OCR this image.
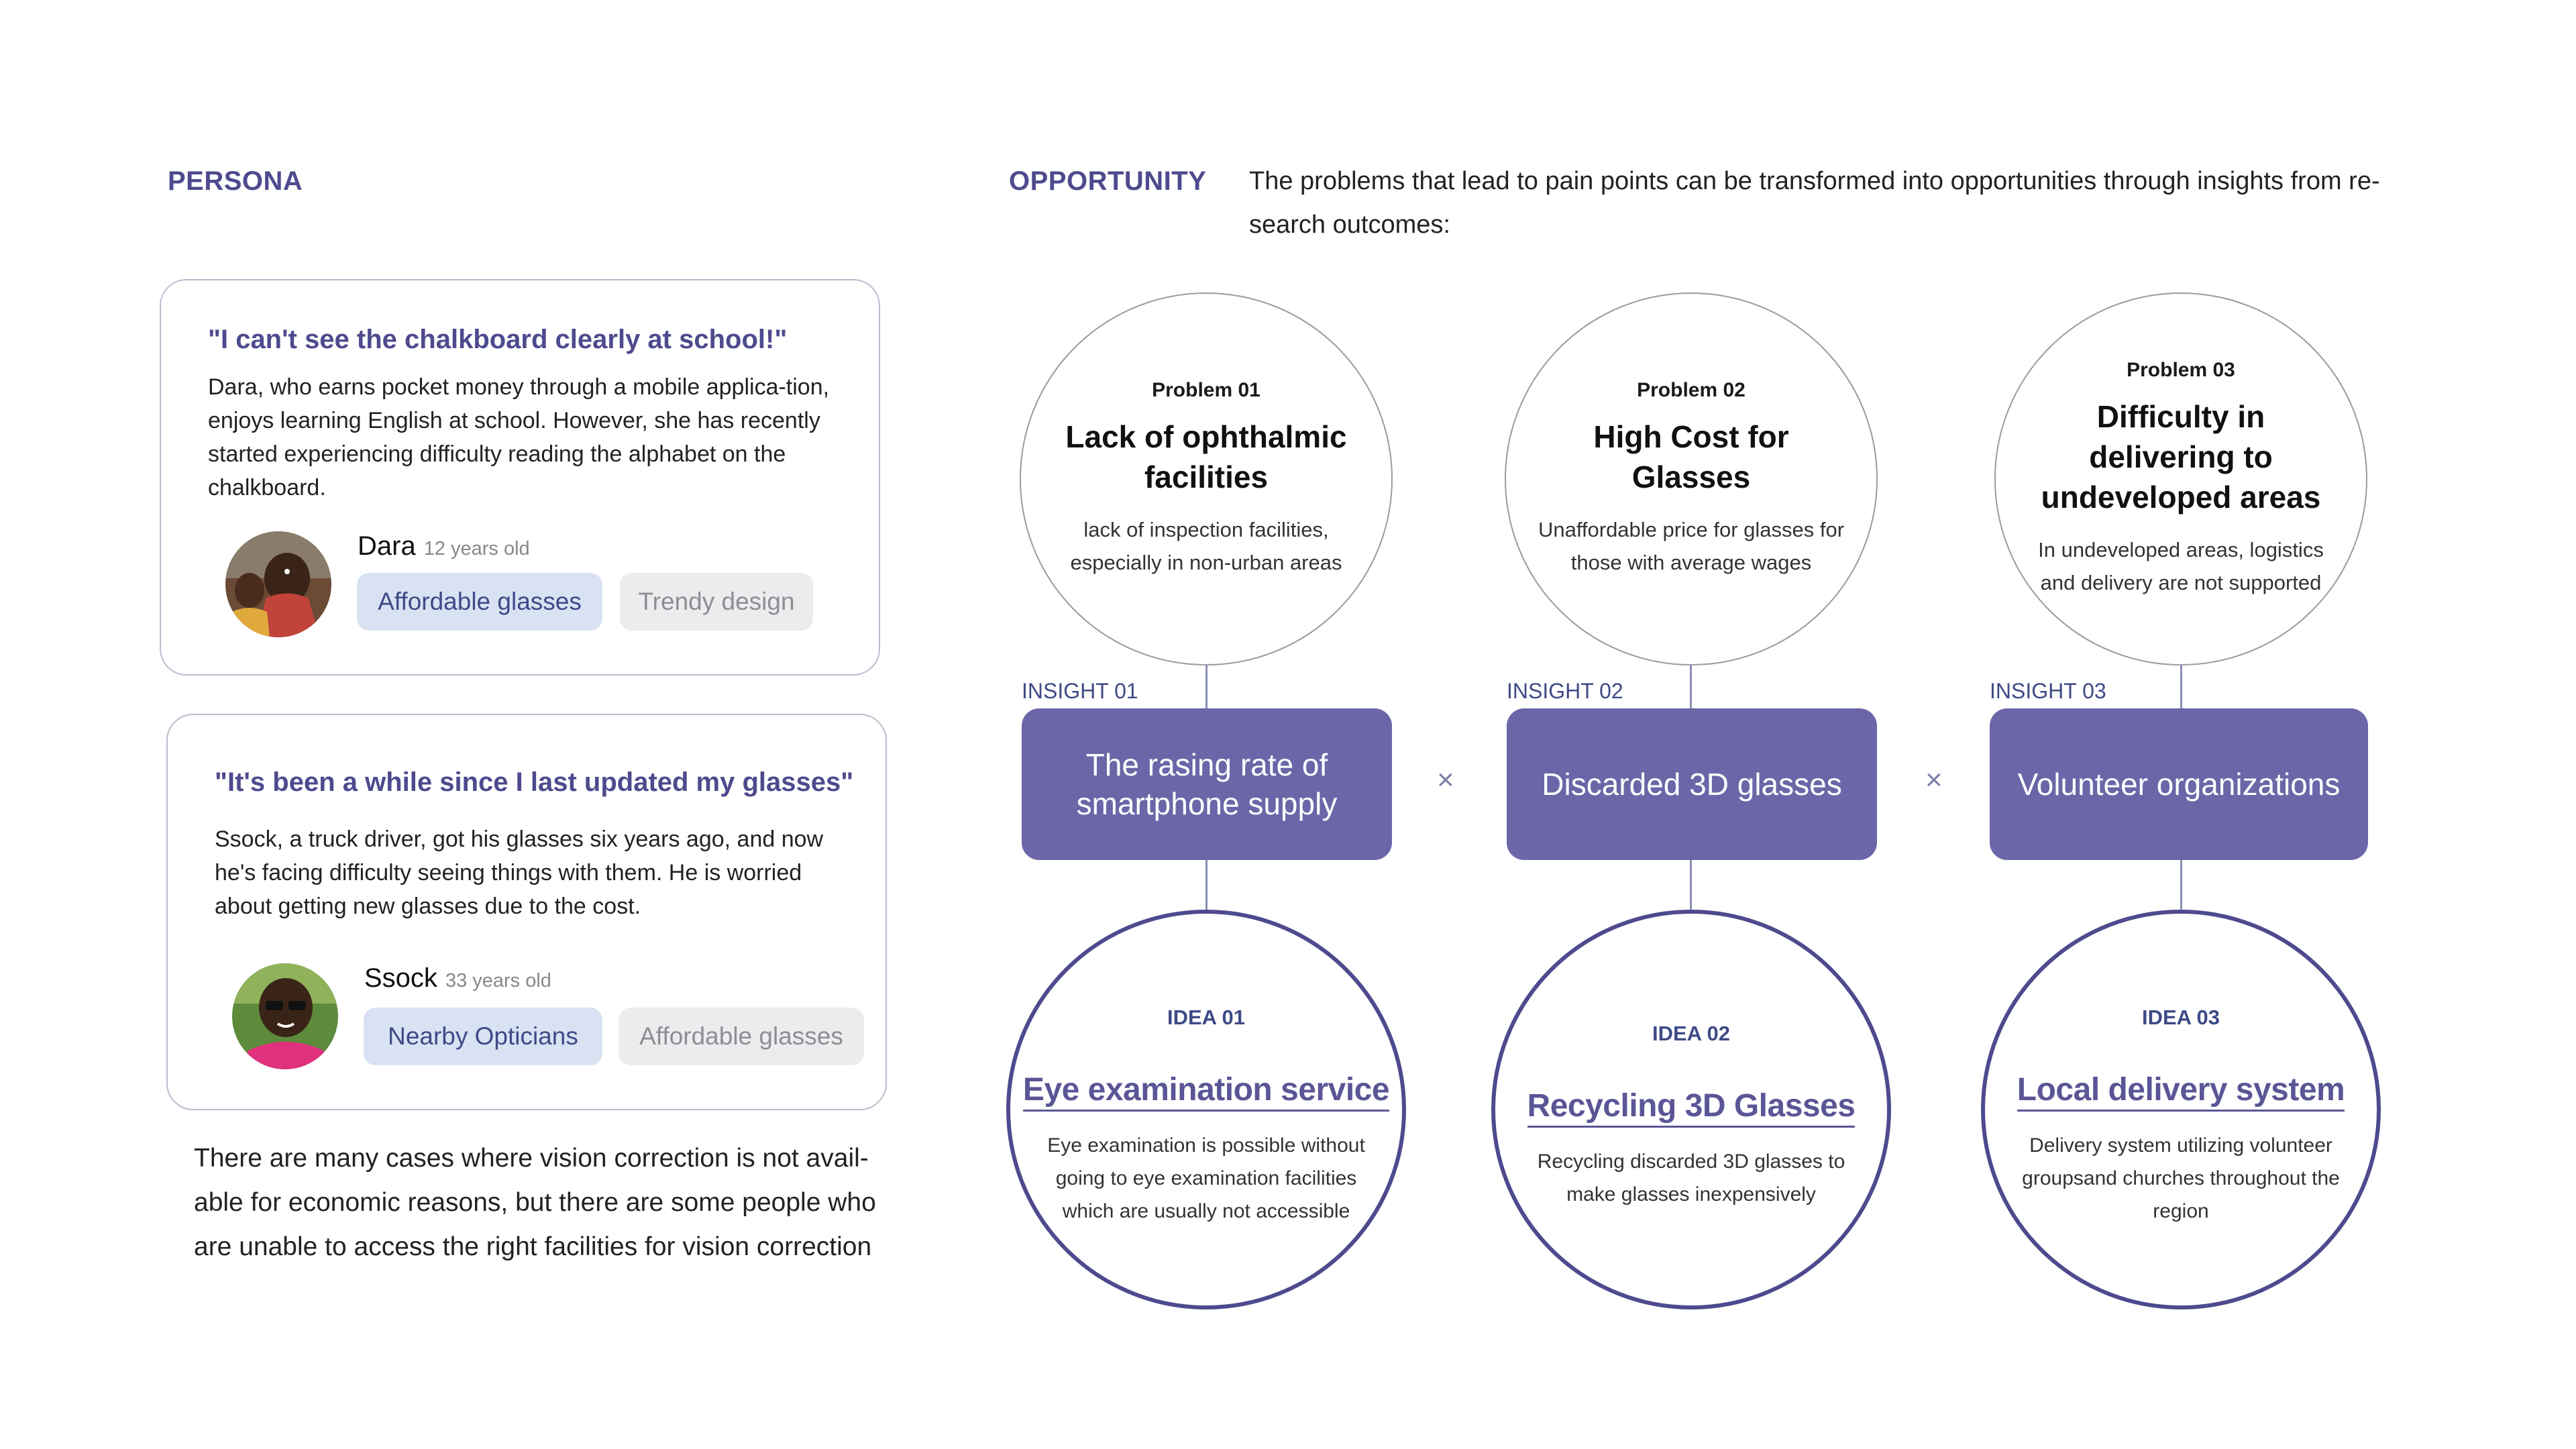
PERSONA
"I can't see the chalkboard clearly at school!"
Dara, who earns pocket money through a mobile applica-tion, enjoys learning English at school. However, she has recently started experiencing difficulty reading the alphabet on the chalkboard.
Dara 12 years old
Affordable glasses	Trendy design
"It's been a while since I last updated my glasses"
Ssock, a truck driver, got his glasses six years ago, and now he's facing difficulty seeing things with them. He is worried about getting new glasses due to the cost.
Ssock 33 years old
Nearby Opticians	Affordable glasses
There are many cases where vision correction is not avail-able for economic reasons, but there are some people who are unable to access the right facilities for vision correction
OPPORTUNITY The problems that lead to pain points can be transformed into opportunities through insights from re-search outcomes:
Problem 01
Lack of ophthalmic facilities
lack of inspection facilities, especially in non-urban areas
INSIGHT 01
The rasing rate of smartphone supply
IDEA 01
Eye examination service
Eye examination is possible without going to eye examination facilities which are usually not accessible
×
Problem 02
High Cost for Glasses
Unaffordable price for glasses for those with average wages
INSIGHT 02
Discarded 3D glasses
IDEA 02
Recycling 3D Glasses
Recycling discarded 3D glasses to make glasses inexpensively
×
Problem 03
Difficulty in delivering to undeveloped areas
In undeveloped areas, logistics and delivery are not supported
INSIGHT 03
Volunteer organizations
IDEA 03
Local delivery system
Delivery system utilizing volunteer groupsand churches throughout the region
